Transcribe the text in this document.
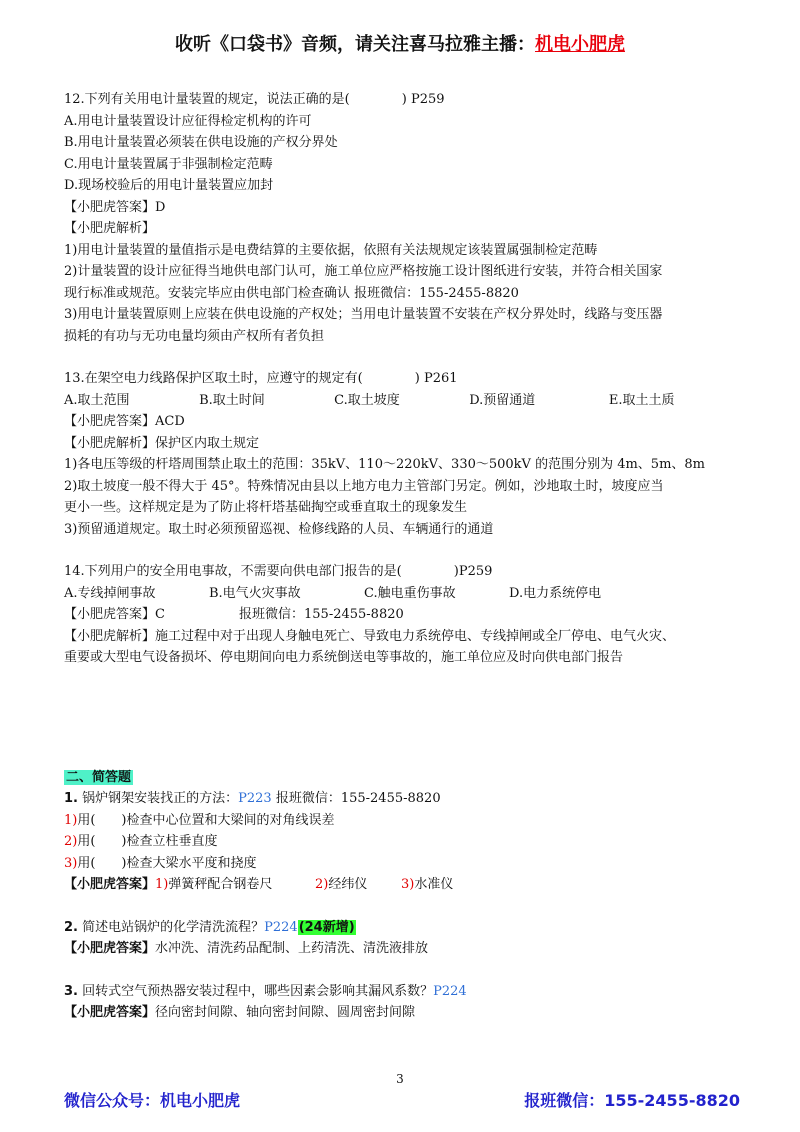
收听《口袋书》音频，请关注喜马拉雅主播：机电小肥虎

12.下列有关用电计量装置的规定，说法正确的是(　　　　) P259

A.用电计量装置设计应征得检定机构的许可

B.用电计量装置必须装在供电设施的产权分界处

C.用电计量装置属于非强制检定范畴

D.现场校验后的用电计量装置应加封

【小肥虎答案】D

【小肥虎解析】

1)用电计量装置的量值指示是电费结算的主要依据，依照有关法规规定该装置属强制检定范畴

2)计量装置的设计应征得当地供电部门认可，施工单位应严格按施工设计图纸进行安装，并符合相关国家

现行标准或规范。安装完毕应由供电部门检查确认 报班微信：155-2455-8820

3)用电计量装置原则上应装在供电设施的产权处；当用电计量装置不安装在产权分界处时，线路与变压器

损耗的有功与无功电量均须由产权所有者负担

13.在架空电力线路保护区取土时，应遵守的规定有(　　　　) P261

A.取土范围	B.取土时间	C.取土坡度	D.预留通道	E.取土土质

【小肥虎答案】ACD

【小肥虎解析】保护区内取土规定

1)各电压等级的杆塔周围禁止取土的范围：35kV、110～220kV、330～500kV 的范围分别为 4m、5m、8m

2)取土坡度一般不得大于 45°。特殊情况由县以上地方电力主管部门另定。例如，沙地取土时，坡度应当

更小一些。这样规定是为了防止将杆塔基础掏空或垂直取土的现象发生

3)预留通道规定。取土时必须预留巡视、检修线路的人员、车辆通行的通道

14.下列用户的安全用电事故，不需要向供电部门报告的是(　　　　)P259

A.专线掉闸事故	B.电气火灾事故	C.触电重伤事故	D.电力系统停电

【小肥虎答案】C	报班微信：155-2455-8820

【小肥虎解析】施工过程中对于出现人身触电死亡、导致电力系统停电、专线掉闸或全厂停电、电气火灾、

重要或大型电气设备损坏、停电期间向电力系统倒送电等事故的，施工单位应及时向供电部门报告

二、简答题

1. 锅炉钢架安装找正的方法：P223 报班微信：155-2455-8820

1)用(　　)检查中心位置和大梁间的对角线误差

2)用(　　)检查立柱垂直度

3)用(　　)检查大梁水平度和挠度

【小肥虎答案】 1)弹簧秤配合钢卷尺	2)经纬仪	3)水准仪

2. 简述电站锅炉的化学清洗流程？P224(24新增)

【小肥虎答案】水冲洗、清洗药品配制、上药清洗、清洗液排放

3. 回转式空气预热器安装过程中，哪些因素会影响其漏风系数？P224

【小肥虎答案】径向密封间隙、轴向密封间隙、圆周密封间隙

3
微信公众号：机电小肥虎	报班微信：155-2455-8820
